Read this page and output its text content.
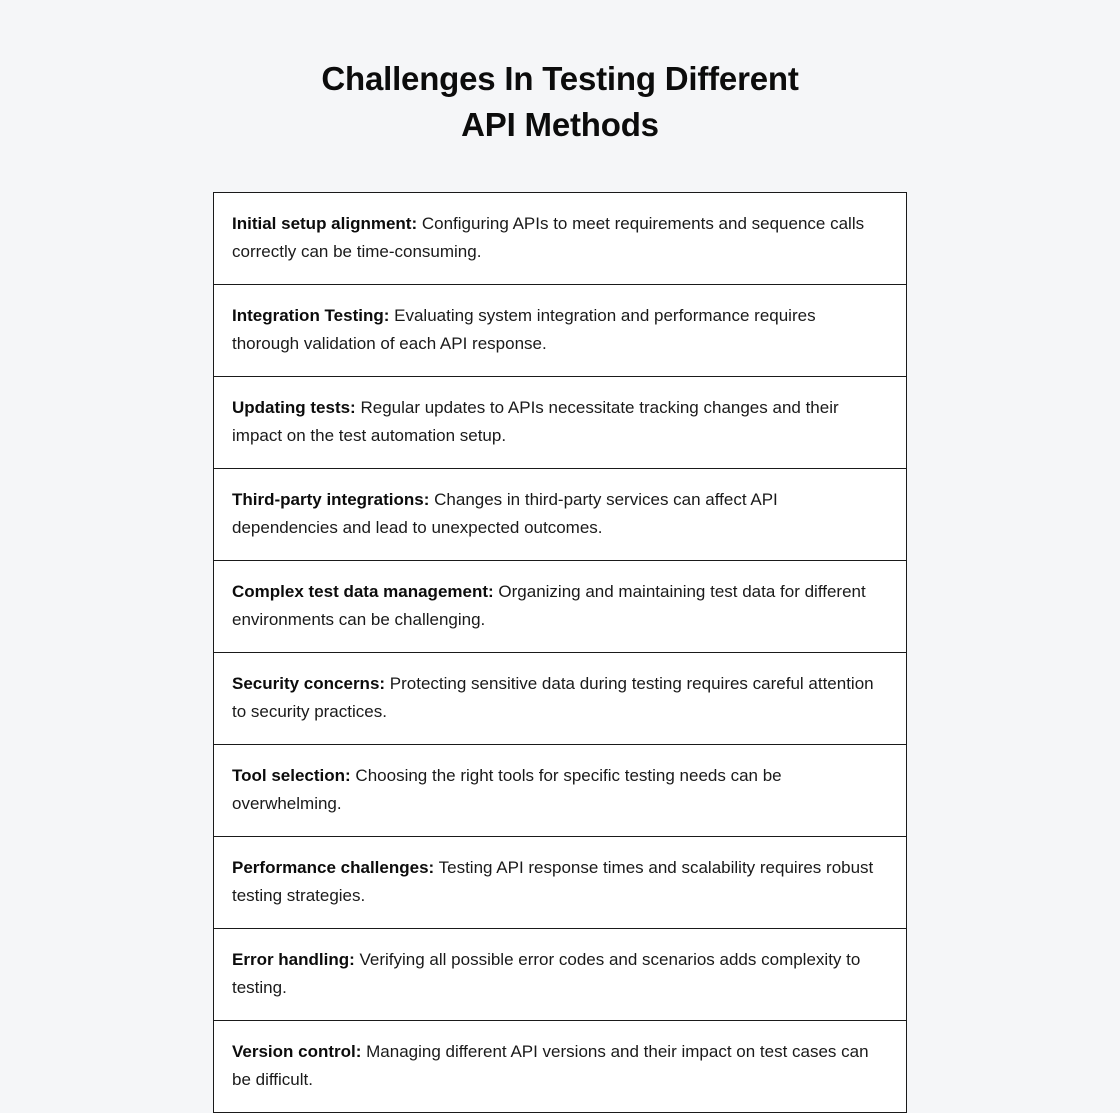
Challenges In Testing Different
API Methods

Initial setup alignment: Configuring APIs to meet requirements and sequence calls correctly can be time-consuming.

Integration Testing: Evaluating system integration and performance requires thorough validation of each API response.

Updating tests: Regular updates to APIs necessitate tracking changes and their impact on the test automation setup.

Third-party integrations: Changes in third-party services can affect API dependencies and lead to unexpected outcomes.

Complex test data management: Organizing and maintaining test data for different environments can be challenging.

Security concerns: Protecting sensitive data during testing requires careful attention to security practices.

Tool selection: Choosing the right tools for specific testing needs can be overwhelming.

Performance challenges: Testing API response times and scalability requires robust testing strategies.

Error handling: Verifying all possible error codes and scenarios adds complexity to testing.

Version control: Managing different API versions and their impact on test cases can be difficult.
